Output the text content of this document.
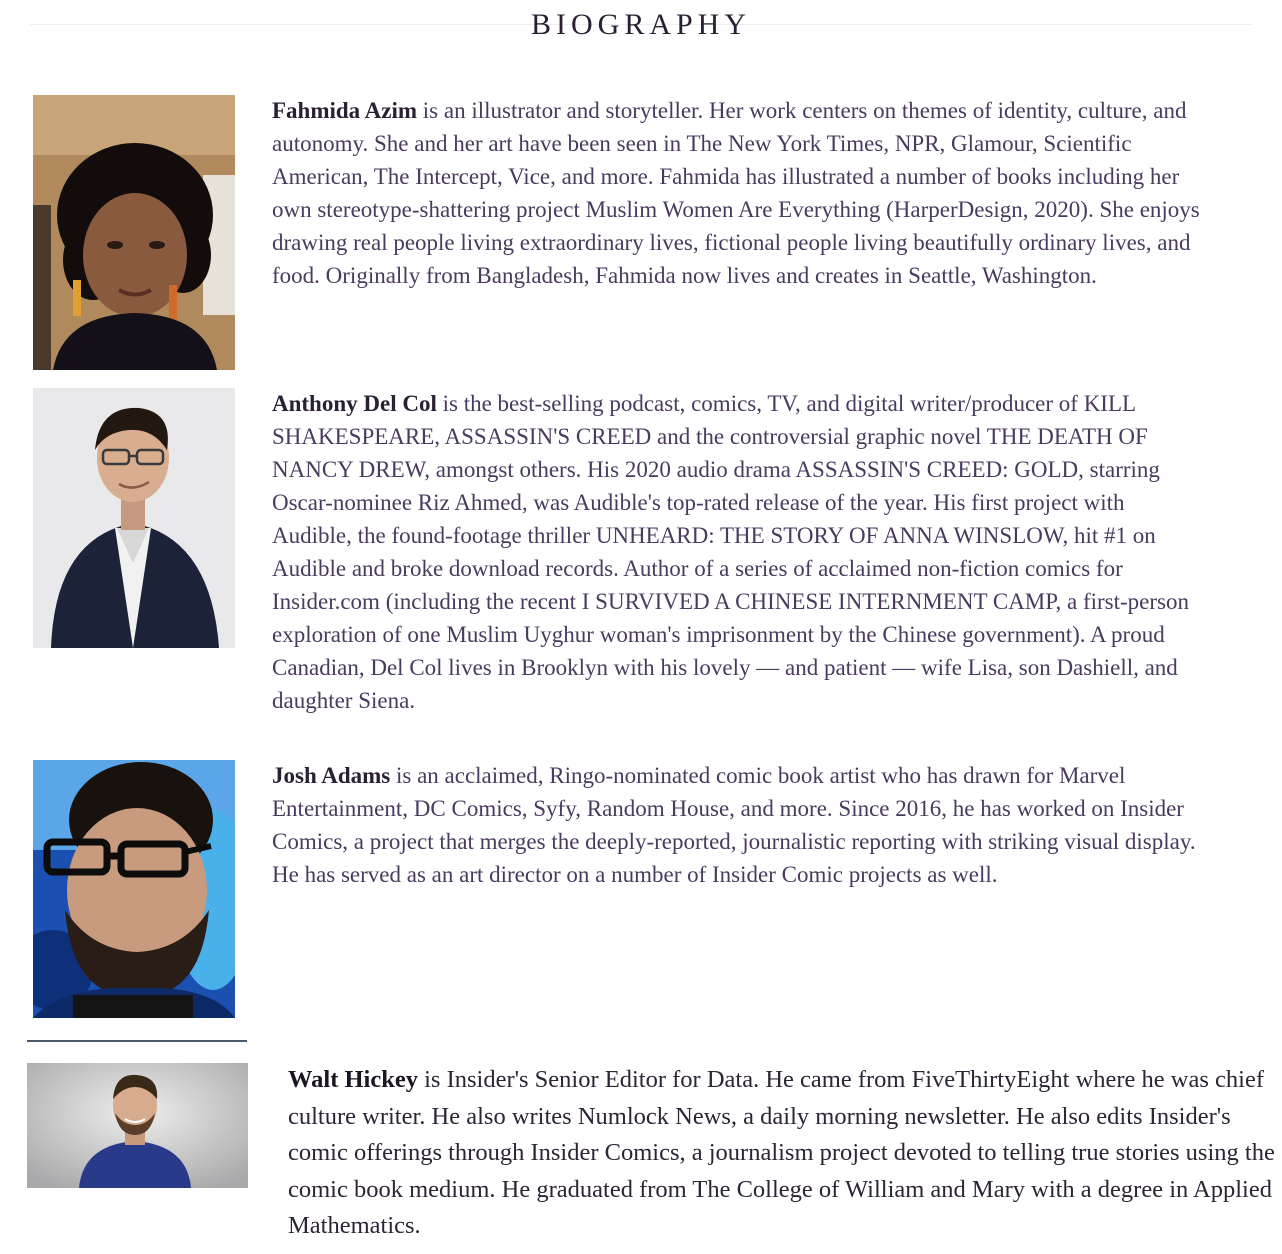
BIOGRAPHY

Fahmida Azim is an illustrator and storyteller. Her work centers on themes of identity, culture, and autonomy. She and her art have been seen in The New York Times, NPR, Glamour, Scientific American, The Intercept, Vice, and more. Fahmida has illustrated a number of books including her own stereotype-shattering project Muslim Women Are Everything (HarperDesign, 2020). She enjoys drawing real people living extraordinary lives, fictional people living beautifully ordinary lives, and food. Originally from Bangladesh, Fahmida now lives and creates in Seattle, Washington.

Anthony Del Col is the best-selling podcast, comics, TV, and digital writer/producer of KILL SHAKESPEARE, ASSASSIN'S CREED and the controversial graphic novel THE DEATH OF NANCY DREW, amongst others. His 2020 audio drama ASSASSIN'S CREED: GOLD, starring Oscar-nominee Riz Ahmed, was Audible's top-rated release of the year. His first project with Audible, the found-footage thriller UNHEARD: THE STORY OF ANNA WINSLOW, hit #1 on Audible and broke download records. Author of a series of acclaimed non-fiction comics for Insider.com (including the recent I SURVIVED A CHINESE INTERNMENT CAMP, a first-person exploration of one Muslim Uyghur woman's imprisonment by the Chinese government). A proud Canadian, Del Col lives in Brooklyn with his lovely — and patient — wife Lisa, son Dashiell, and daughter Siena.

Josh Adams is an acclaimed, Ringo-nominated comic book artist who has drawn for Marvel Entertainment, DC Comics, Syfy, Random House, and more. Since 2016, he has worked on Insider Comics, a project that merges the deeply-reported, journalistic reporting with striking visual display. He has served as an art director on a number of Insider Comic projects as well.

Walt Hickey is Insider's Senior Editor for Data. He came from FiveThirtyEight where he was chief culture writer. He also writes Numlock News, a daily morning newsletter. He also edits Insider's comic offerings through Insider Comics, a journalism project devoted to telling true stories using the comic book medium. He graduated from The College of William and Mary with a degree in Applied Mathematics.
